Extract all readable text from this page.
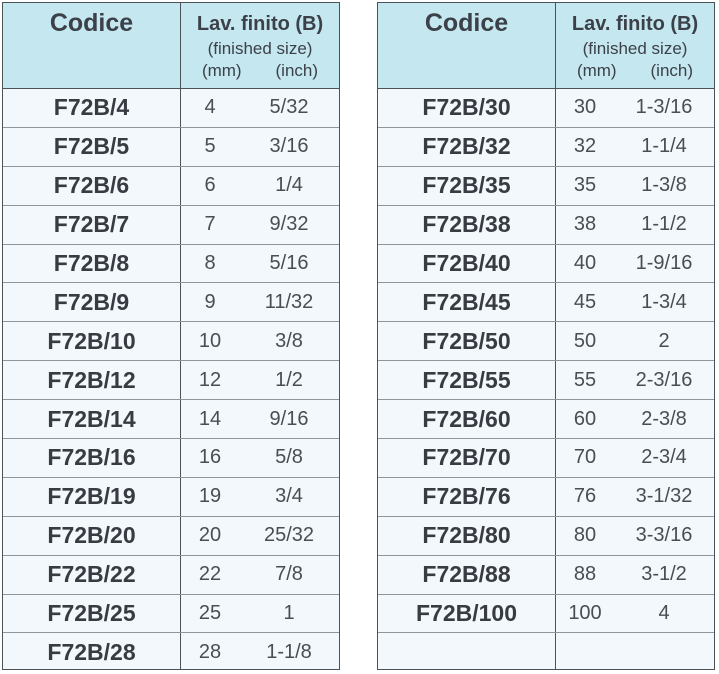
Codice	Lav. finito (B)
(finished size)
(mm) (inch)
F72B/4	4	5/32
F72B/5	5	3/16
F72B/6	6	1/4
F72B/7	7	9/32
F72B/8	8	5/16
F72B/9	9	11/32
F72B/10	10	3/8
F72B/12	12	1/2
F72B/14	14	9/16
F72B/16	16	5/8
F72B/19	19	3/4
F72B/20	20	25/32
F72B/22	22	7/8
F72B/25	25	1
F72B/28	28	1-1/8
Codice	Lav. finito (B)
(finished size)
(mm) (inch)
F72B/30	30	1-3/16
F72B/32	32	1-1/4
F72B/35	35	1-3/8
F72B/38	38	1-1/2
F72B/40	40	1-9/16
F72B/45	45	1-3/4
F72B/50	50	2
F72B/55	55	2-3/16
F72B/60	60	2-3/8
F72B/70	70	2-3/4
F72B/76	76	3-1/32
F72B/80	80	3-3/16
F72B/88	88	3-1/2
F72B/100	100	4
